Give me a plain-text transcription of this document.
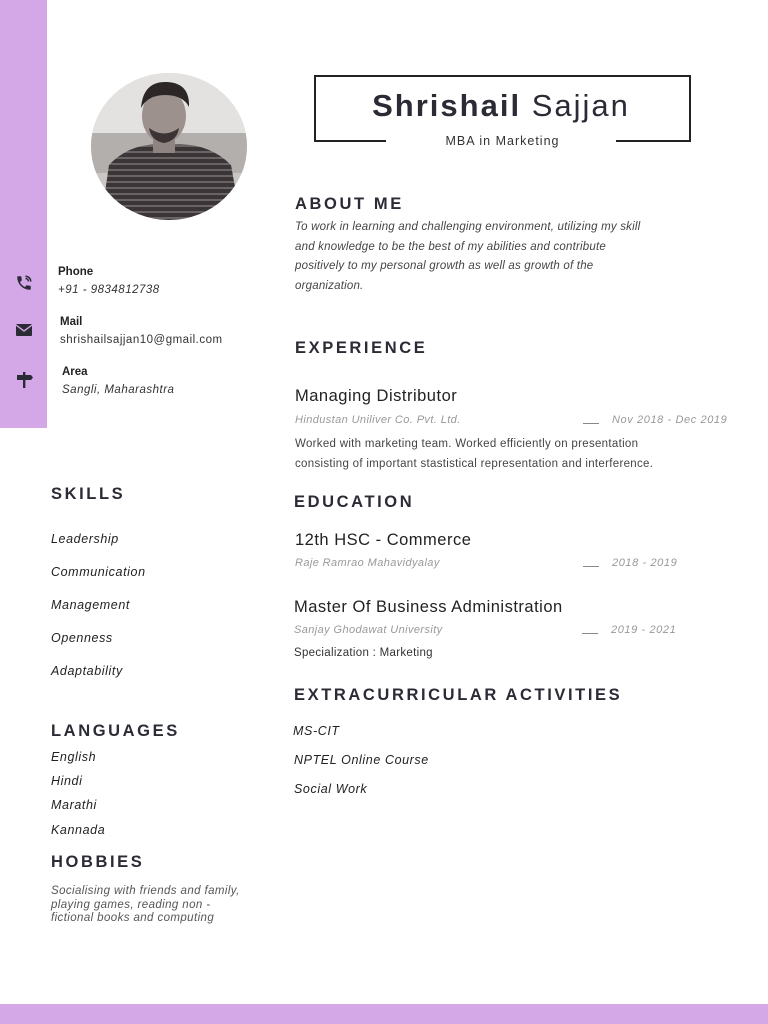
Shrishail Sajjan
MBA in Marketing
Phone
+91 - 9834812738
Mail
shrishailsajjan10@gmail.com
Area
Sangli, Maharashtra
ABOUT ME
To work in learning and challenging environment, utilizing my skill
and knowledge to be the best of my abilities and contribute
positively to my personal growth as well as growth of the
organization.
EXPERIENCE
Managing Distributor
Hindustan Uniliver Co. Pvt. Ltd.	Nov 2018 - Dec 2019
Worked with marketing team. Worked efficiently on presentation
consisting of important stastistical representation and interference.
EDUCATION
12th HSC - Commerce
Raje Ramrao Mahavidyalay	2018 - 2019
Master Of Business Administration
Sanjay Ghodawat University	2019 - 2021
Specialization : Marketing
EXTRACURRICULAR ACTIVITIES
MS-CIT
NPTEL Online Course
Social Work
SKILLS
Leadership
Communication
Management
Openness
Adaptability
LANGUAGES
English
Hindi
Marathi
Kannada
HOBBIES
Socialising with friends and family,
playing games, reading non -
fictional books and computing
